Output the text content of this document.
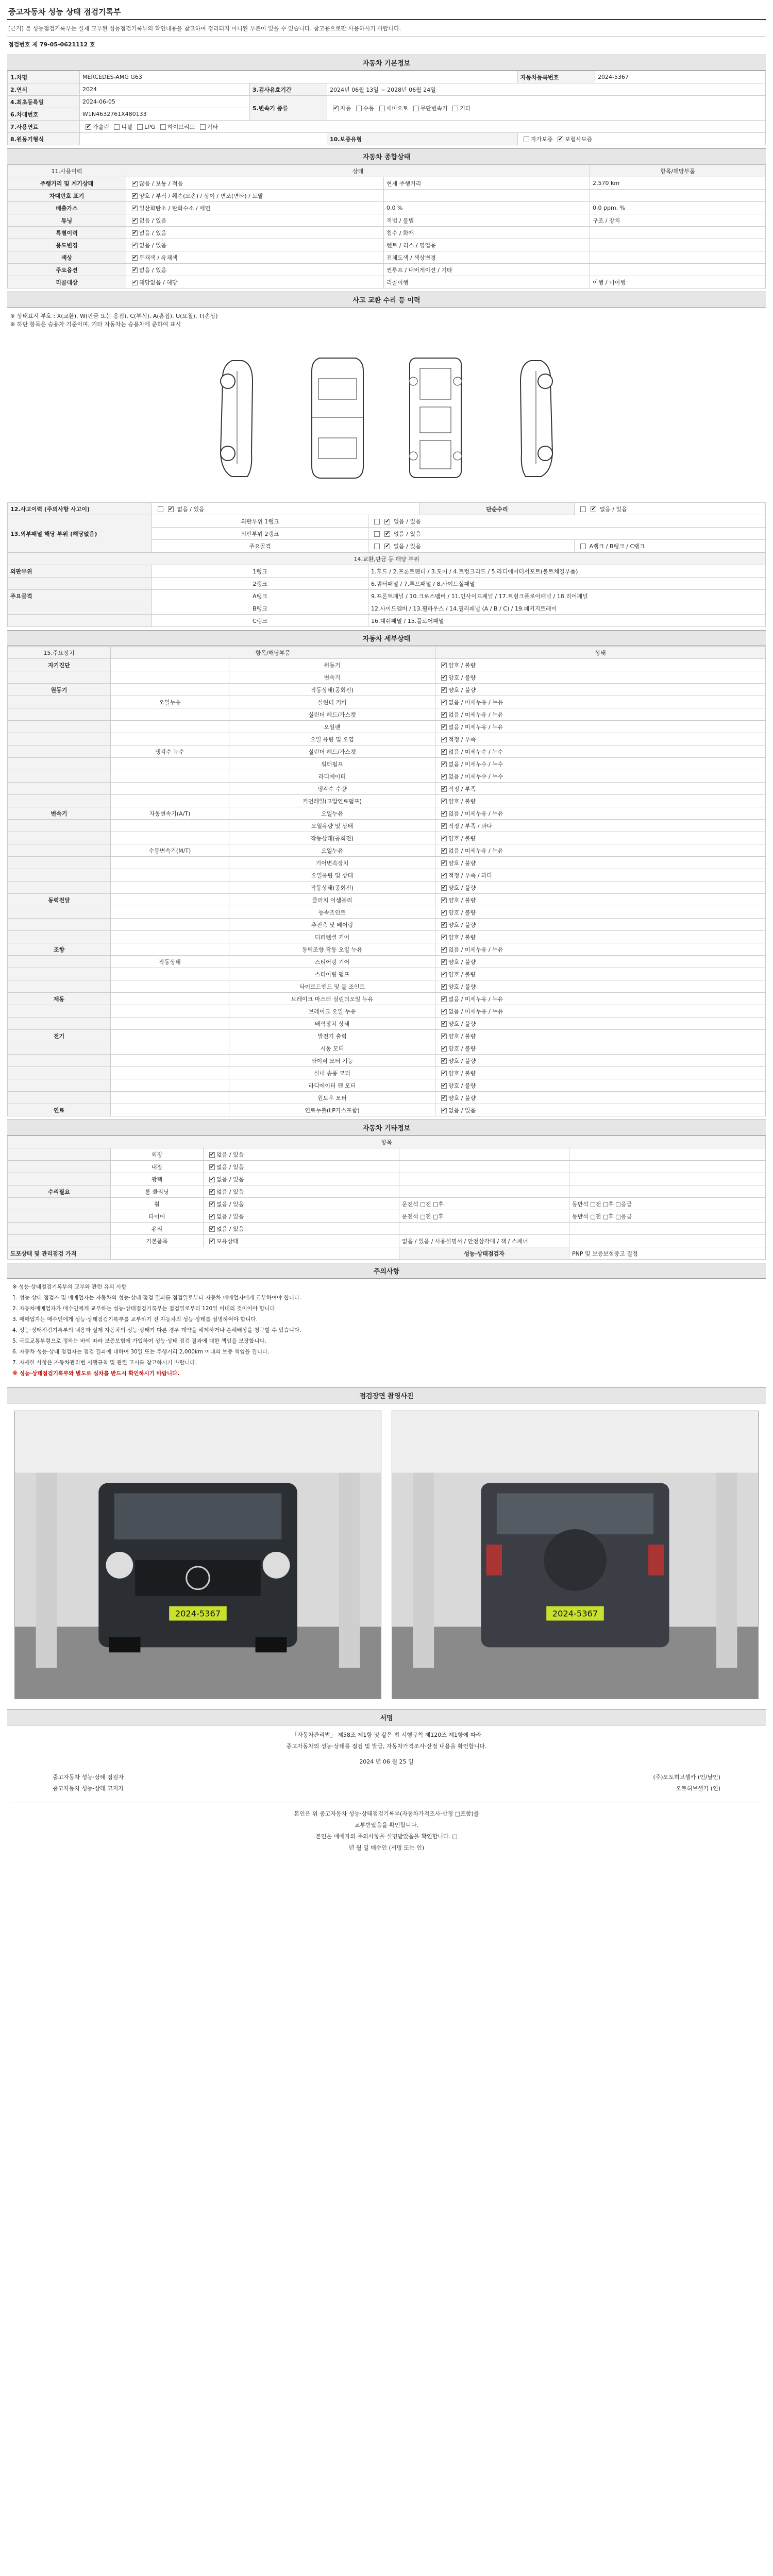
중고자동차 성능 상태 점검기록부
[근거] 본 성능점검기록부는 실제 교부된 성능점검기록부의 확인내용을 참고하여 정리되지 아니된 부분이 있을 수 있습니다. 참고용으로만 사용하시기 바랍니다.
점검번호 제 79-05-0621112 호
자동차 기본정보
1.차명	MERCEDES-AMG G63			자동차등록번호	2024-5367
2.연식	2024	3.검사유효기간	2024년 06월 13일 ~ 2028년 06월 24일		
4.최초등록일	2024-06-05	5.변속기 종류	✔자동 수동 세미오토 무단변속기 기타
6.차대번호	W1N4632761X480133				
7.사용연료	✔가솔린 디젤 LPG 하이브리드 기타
8.원동기형식			10.보증유형	자가보증 ✔ 보험사보증
자동차 종합상태
11.사용이력	상태		항목/해당부품
주행거리 및 계기상태	✔많음 / 보통 / 적음	현재 주행거리	2,570 km
차대번호 표기	✔양호 / 부식 / 훼손(오손) / 상이 / 변조(변타) / 도말		
배출가스	✔일산화탄소 / 탄화수소 / 매연	0.0 %	0.0 ppm, %
튜닝	✔없음 / 있음	적법 / 불법	구조 / 장치
특별이력	✔없음 / 있음	침수 / 화재	
용도변경	✔없음 / 있음	렌트 / 리스 / 영업용	
색상	✔무채색 / 유채색	전체도색 / 색상변경	
주요옵션	✔없음 / 있음	썬루프 / 내비게이션 / 기타	
리콜대상	✔해당없음 / 해당	리콜이행	이행 / 미이행
사고 교환 수리 등 이력
※ 상태표시 부호 : X(교환), W(판금 또는 용접), C(부식), A(흠집), U(요철), T(손상)
※ 하단 항목은 승용차 기준이며, 기타 자동차는 승용차에 준하여 표시
12.사고이력 (주의사항 사고이)	✔없음 / 있음		단순수리	✔없음 / 있음
13.외부패널 해당 부위 (해당없음)	외판부위 1랭크	✔없음 / 있음
	외판부위 2랭크	✔없음 / 있음
	주요골격	✔없음 / 있음		A랭크 / B랭크 / C랭크
14.교환,판금 등 해당 부위		
외판부위	1랭크	1.후드 / 2.프론트펜더 / 3.도어 / 4.트렁크리드 / 5.라디에이터서포트(볼트체결부품)
	2랭크	6.쿼터패널 / 7.루프패널 / 8.사이드실패널
주요골격	A랭크	9.프론트패널 / 10.크로스멤버 / 11.인사이드패널 / 17.트렁크플로어패널 / 18.리어패널
	B랭크	12.사이드멤버 / 13.휠하우스 / 14.필러패널 (A / B / C) / 19.패키지트레이
	C랭크	16.대쉬패널 / 15.플로어패널
자동차 세부상태
15.주요장치	항목/해당부품		상태
자기진단		원동기	✔양호 / 불량
		변속기	✔양호 / 불량
원동기		작동상태(공회전)	✔양호 / 불량
	오일누유	실린더 커버	✔없음 / 미세누유 / 누유
		실린더 헤드/가스켓	✔없음 / 미세누유 / 누유
		오일팬	✔없음 / 미세누유 / 누유
		오일 유량 및 오염	✔적정 / 부족
	냉각수 누수	실린더 헤드/가스켓	✔없음 / 미세누수 / 누수
		워터펌프	✔없음 / 미세누수 / 누수
		라디에이터	✔없음 / 미세누수 / 누수
		냉각수 수량	✔적정 / 부족
		커먼레일(고압연료펌프)	✔양호 / 불량
변속기	자동변속기(A/T)	오일누유	✔없음 / 미세누유 / 누유
		오일유량 및 상태	✔적정 / 부족 / 과다
		작동상태(공회전)	✔양호 / 불량
	수동변속기(M/T)	오일누유	✔없음 / 미세누유 / 누유
		기어변속장치	✔양호 / 불량
		오일유량 및 상태	✔적정 / 부족 / 과다
		작동상태(공회전)	✔양호 / 불량
동력전달		클러치 어셈블리	✔양호 / 불량
		등속조인트	✔양호 / 불량
		추진축 및 베어링	✔양호 / 불량
		디퍼렌셜 기어	✔양호 / 불량
조향		동력조향 작동 오일 누유	✔없음 / 미세누유 / 누유
	작동상태	스티어링 기어	✔양호 / 불량
		스티어링 펌프	✔양호 / 불량
		타이로드엔드 및 볼 조인트	✔양호 / 불량
제동		브레이크 마스터 실린더오일 누유	✔없음 / 미세누유 / 누유
		브레이크 오일 누유	✔없음 / 미세누유 / 누유
		배력장치 상태	✔양호 / 불량
전기		발전기 출력	✔양호 / 불량
		시동 모터	✔양호 / 불량
		와이퍼 모터 기능	✔양호 / 불량
		실내 송풍 모터	✔양호 / 불량
		라디에이터 팬 모터	✔양호 / 불량
		윈도우 모터	✔양호 / 불량
연료		연료누출(LP가스포함)	✔없음 / 있음
자동차 기타정보
항목				
	외장	✔없음 / 있음		
	내장	✔없음 / 있음		
	광택	✔없음 / 있음		
수리필요	룸 클리닝	✔없음 / 있음		
	휠	✔없음 / 있음	운전석 □전 □후	동반석 □전 □후 □응급
	타이어	✔없음 / 있음	운전석 □전 □후	동반석 □전 □후 □응급
	유리	✔없음 / 있음		
	기본품목	✔보유상태	없음 / 있음 / 사용설명서 / 안전삼각대 / 잭 / 스패너	
도포상태 및 관리점검 가격			성능·상태점검자	PNP 및 보증보험중고 결정
주의사항

※ 성능·상태점검기록부의 교부와 관련 유의 사항

1. 성능 상태 점검자 및 매매업자는 자동차의 성능·상태 점검 결과를 점검일로부터 자동차 매매업자에게 교부하여야 합니다.

2. 자동차매매업자가 매수인에게 교부하는 성능·상태점검기록부는 점검일로부터 120일 이내의 것이어야 합니다.

3. 매매업자는 매수인에게 성능·상태점검기록부를 교부하기 전 자동차의 성능·상태를 설명하여야 합니다.

4. 성능·상태점검기록부의 내용과 실제 자동차의 성능·상태가 다른 경우 계약을 해제하거나 손해배상을 청구할 수 있습니다.

5. 국토교통부령으로 정하는 바에 따라 보증보험에 가입하여 성능·상태 점검 결과에 대한 책임을 보장합니다.

6. 자동차 성능·상태 점검자는 점검 결과에 대하여 30일 또는 주행거리 2,000km 이내의 보증 책임을 집니다.

7. 자세한 사항은 자동차관리법 시행규칙 및 관련 고시를 참고하시기 바랍니다.

※ 성능·상태점검기록부와 별도로 실차를 반드시 확인하시기 바랍니다.

점검장면 촬영사진
2024-5367	2024-5367
서명
「자동차관리법」 제58조 제1항 및 같은 법 시행규칙 제120조 제1항에 따라
중고자동차의 성능·상태를 점검 및 발급, 자동차가격조사·산정 내용을 확인합니다.
2024 년 06 월 25 일
중고자동차 성능·상태 점검자	(주)오토허브셀카 (인/날인)
중고자동차 성능·상태 고지자	오토허브셀카 (인)
본인은 위 중고자동차 성능·상태점검기록부(자동차가격조사·산정 □포함)를
교부받았음을 확인합니다.
본인은 매매자의 주의사항을 설명받았음을 확인합니다. □
년 월 일 매수인 (서명 또는 인)
